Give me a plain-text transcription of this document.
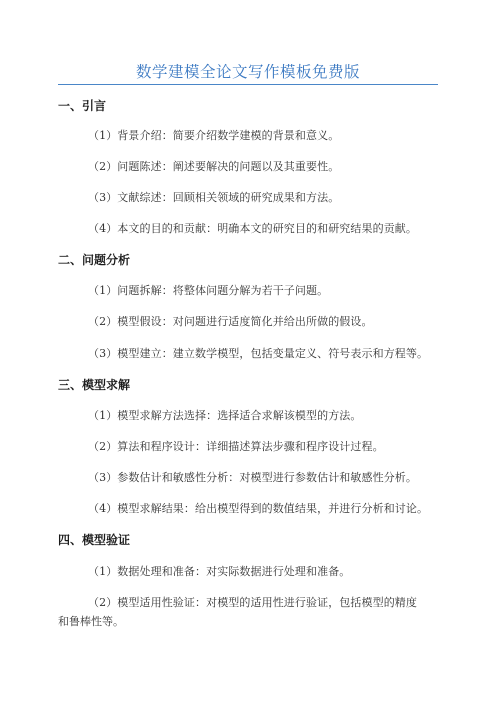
数学建模全论文写作模板免费版
一、引言
（1）背景介绍：简要介绍数学建模的背景和意义。
（2）问题陈述：阐述要解决的问题以及其重要性。
（3）文献综述：回顾相关领域的研究成果和方法。
（4）本文的目的和贡献：明确本文的研究目的和研究结果的贡献。
二、问题分析
（1）问题拆解：将整体问题分解为若干子问题。
（2）模型假设：对问题进行适度简化并给出所做的假设。
（3）模型建立：建立数学模型，包括变量定义、符号表示和方程等。
三、模型求解
（1）模型求解方法选择：选择适合求解该模型的方法。
（2）算法和程序设计：详细描述算法步骤和程序设计过程。
（3）参数估计和敏感性分析：对模型进行参数估计和敏感性分析。
（4）模型求解结果：给出模型得到的数值结果，并进行分析和讨论。
四、模型验证
（1）数据处理和准备：对实际数据进行处理和准备。
（2）模型适用性验证：对模型的适用性进行验证，包括模型的精度
和鲁棒性等。
